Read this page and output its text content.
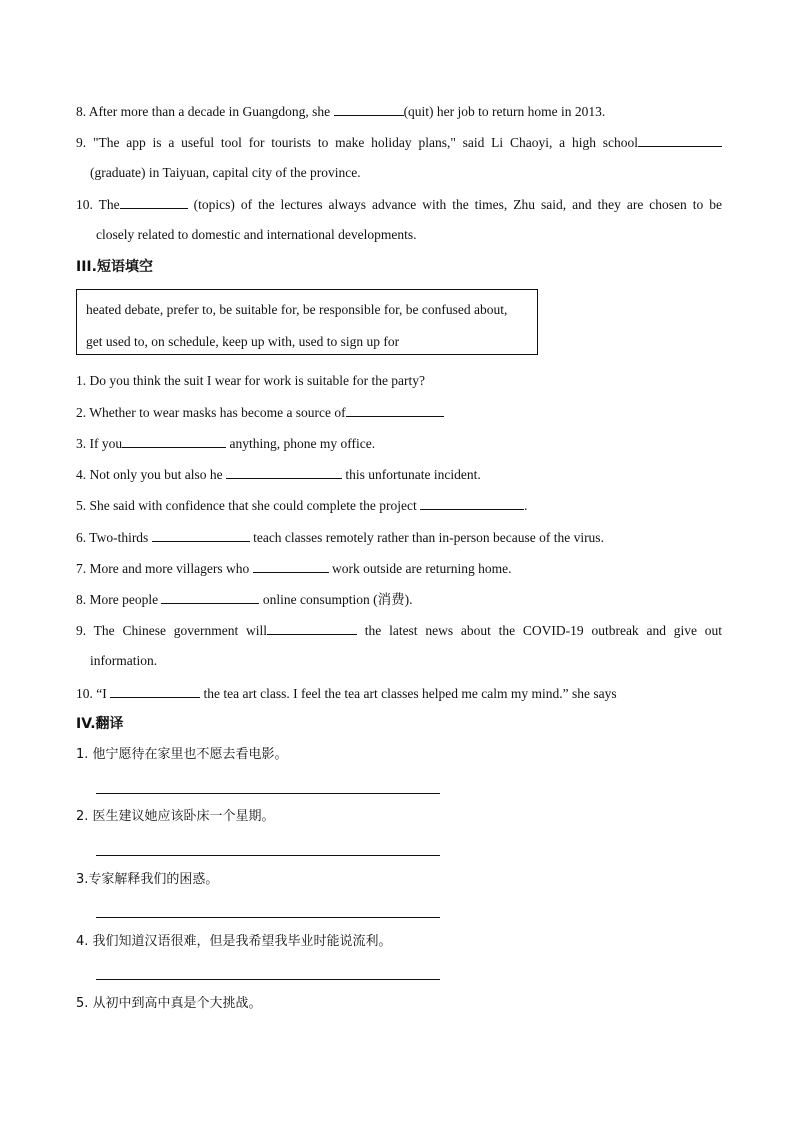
8. After more than a decade in Guangdong, she	(quit) her job to return home in 2013.
9. "The app is a useful tool for tourists to make holiday plans," said Li Chaoyi, a high school
(graduate) in Taiyuan, capital city of the province.
10. The	(topics) of the lectures always advance with the times, Zhu said, and they are chosen to be
closely related to domestic and international developments.
III.短语填空
heated debate, prefer to, be suitable for, be responsible for, be confused about,
get used to, on schedule, keep up with, used to sign up for
1. Do you think the suit I wear for work is suitable for the party?
2. Whether to wear masks has become a source of
3. If you	anything, phone my office.
4. Not only you but also he	this unfortunate incident.
5. She said with confidence that she could complete the project	.
6. Two-thirds	teach classes remotely rather than in-person because of the virus.
7. More and more villagers who	work outside are returning home.
8. More people	online consumption (消费).
9. The Chinese government will	the latest news about the COVID-19 outbreak and give out
information.
10. “I	the tea art class. I feel the tea art classes helped me calm my mind.” she says
IV.翻译
1. 他宁愿待在家里也不愿去看电影。
2. 医生建议她应该卧床一个星期。
3.专家解释我们的困惑。
4. 我们知道汉语很难，但是我希望我毕业时能说流利。
5. 从初中到高中真是个大挑战。
